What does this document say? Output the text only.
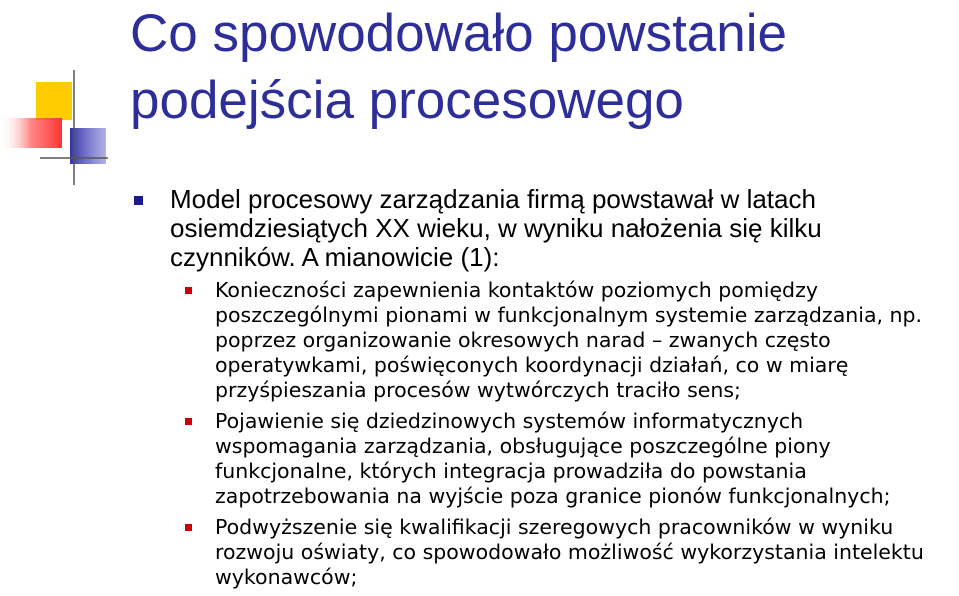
Co spowodowało powstanie podejścia procesowego
Model procesowy zarządzania firmą powstawał w latach osiemdziesiątych XX wieku, w wyniku nałożenia się kilku czynników. A mianowicie (1):
Konieczności zapewnienia kontaktów poziomych pomiędzy poszczególnymi pionami w funkcjonalnym systemie zarządzania, np. poprzez organizowanie okresowych narad – zwanych często operatywkami, poświęconych koordynacji działań, co w miarę przyśpieszania procesów wytwórczych traciło sens;
Pojawienie się dziedzinowych systemów informatycznych wspomagania zarządzania, obsługujące poszczególne piony funkcjonalne, których integracja prowadziła do powstania zapotrzebowania na wyjście poza granice pionów funkcjonalnych;
Podwyższenie się kwalifikacji szeregowych pracowników w wyniku rozwoju oświaty, co spowodowało możliwość wykorzystania intelektu wykonawców;
